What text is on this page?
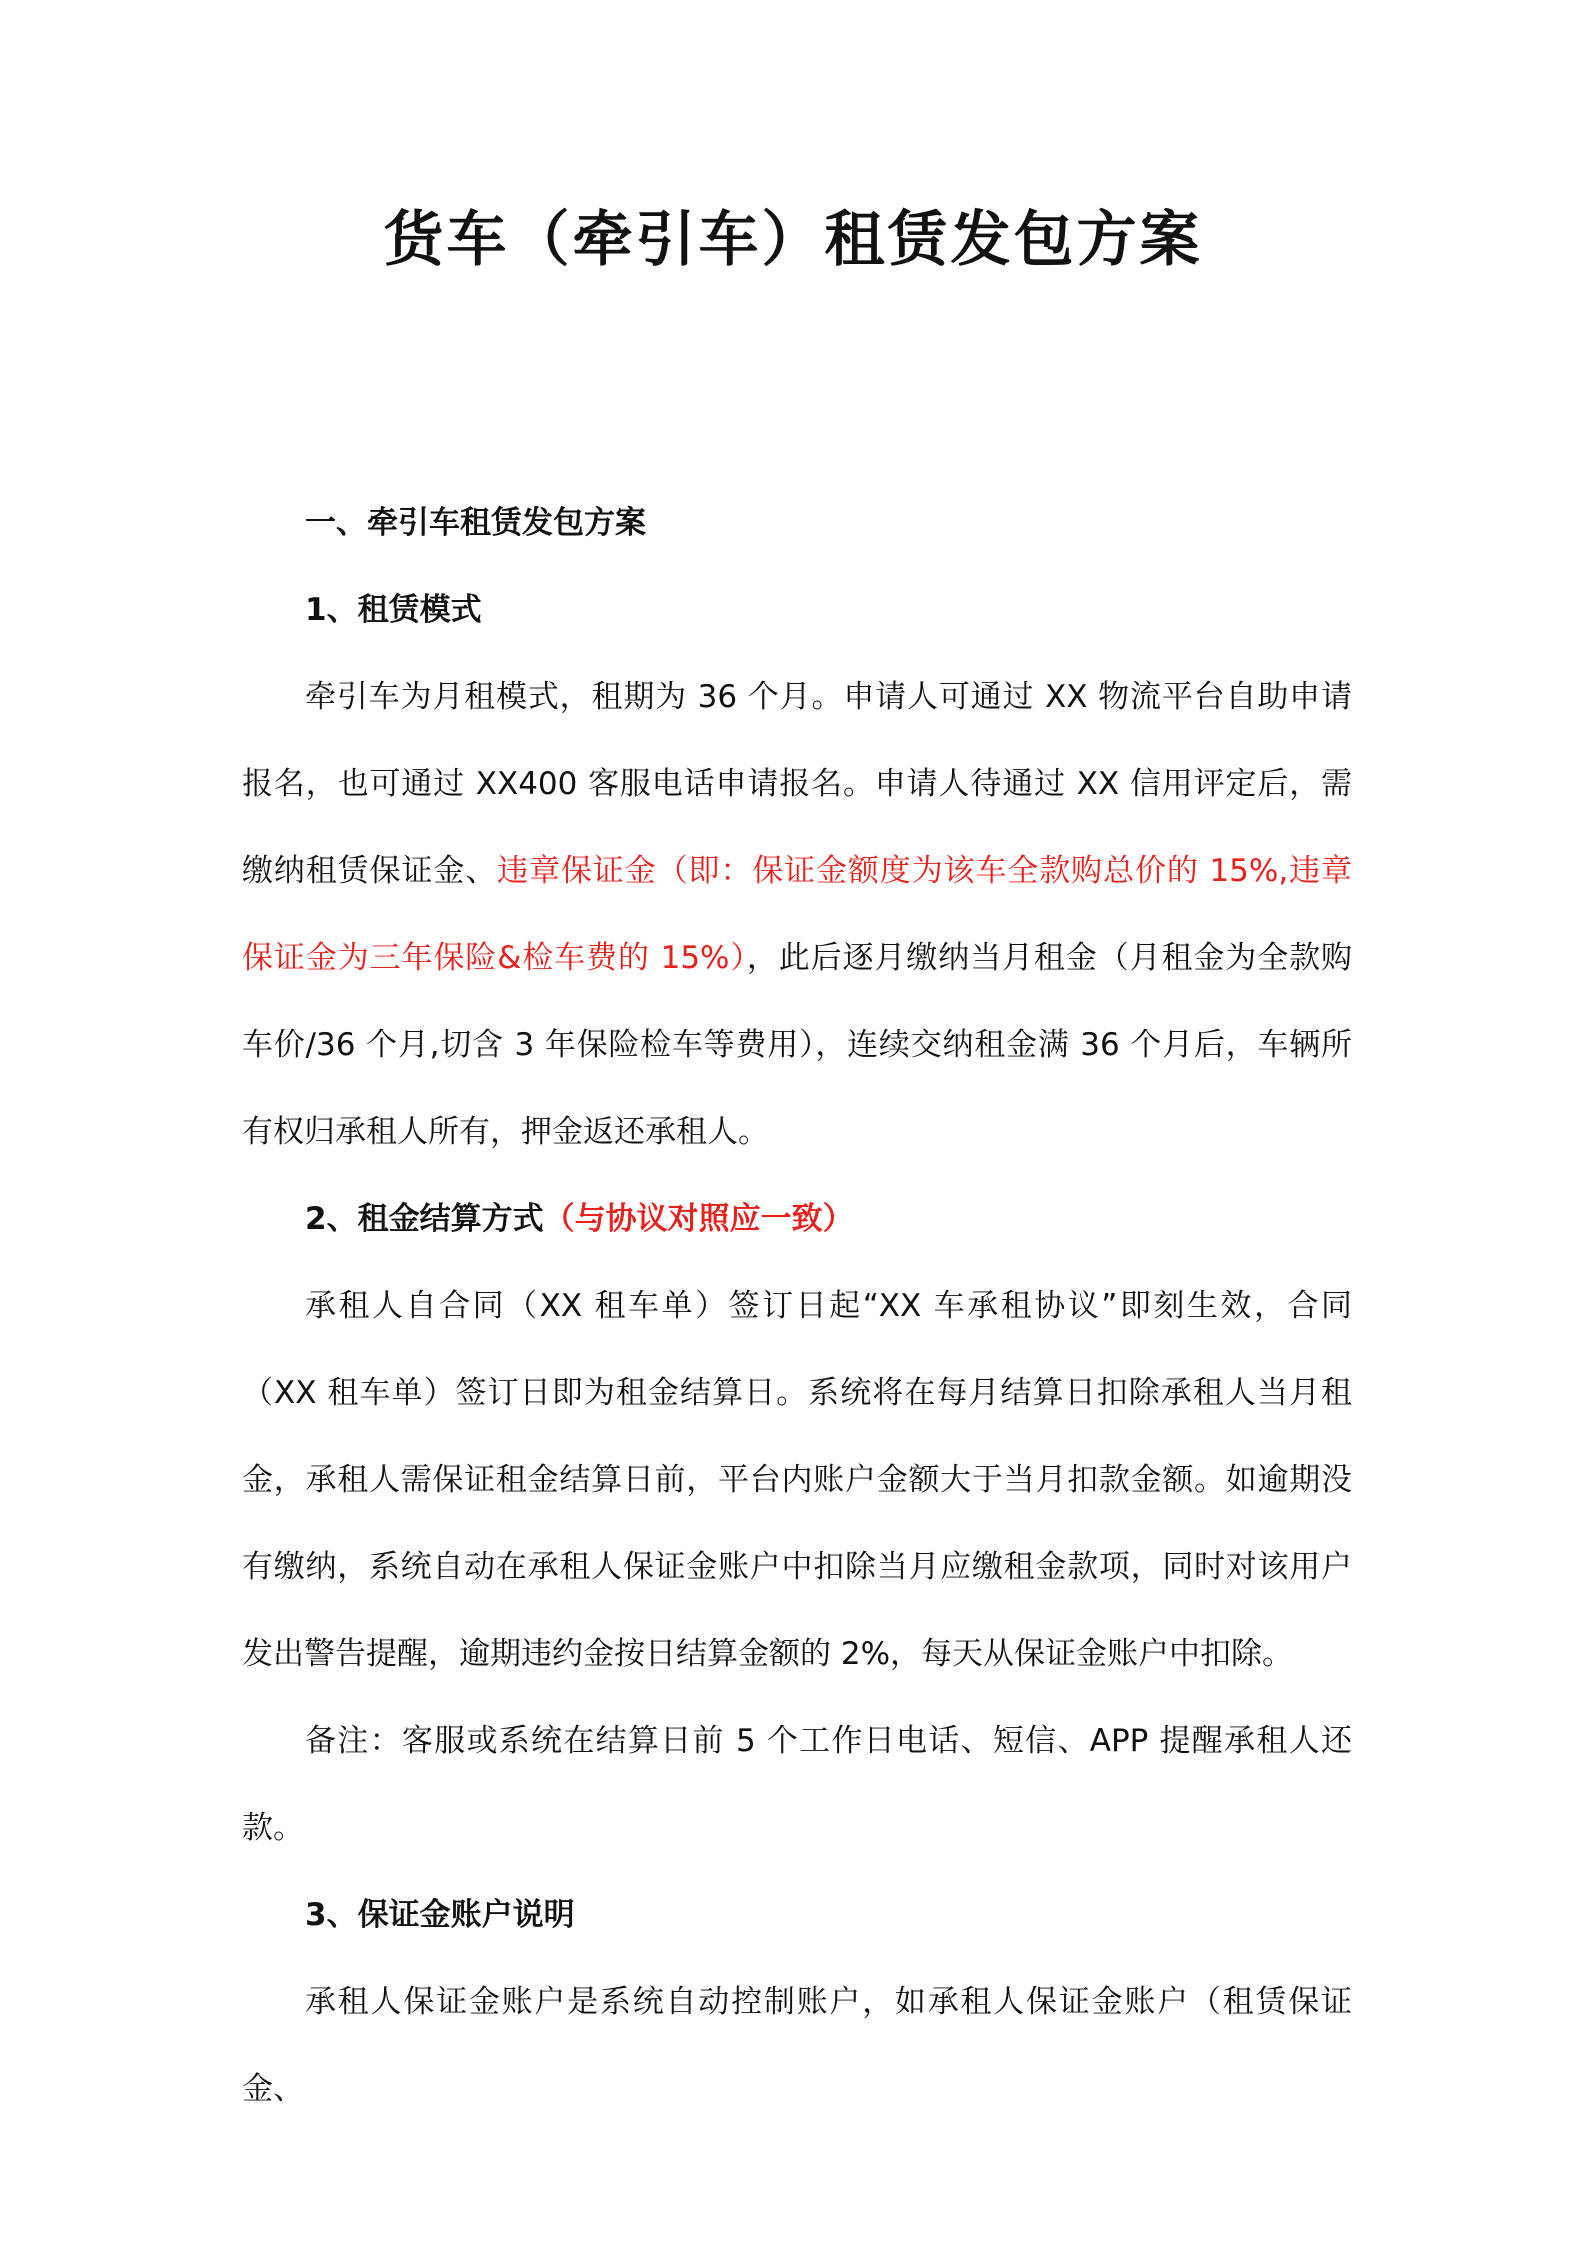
货车（牵引车）租赁发包方案

一、牵引车租赁发包方案

1、租赁模式

牵引车为月租模式，租期为 36 个月。申请人可通过 XX 物流平台自助申请报名，也可通过 XX400 客服电话申请报名。申请人待通过 XX 信用评定后，需缴纳租赁保证金、违章保证金（即：保证金额度为该车全款购总价的 15%,违章保证金为三年保险&检车费的 15%），此后逐月缴纳当月租金（月租金为全款购车价/36 个月,切含 3 年保险检车等费用），连续交纳租金满 36 个月后，车辆所有权归承租人所有，押金返还承租人。

2、租金结算方式（与协议对照应一致）

承租人自合同（XX 租车单）签订日起“XX 车承租协议”即刻生效，合同（XX 租车单）签订日即为租金结算日。系统将在每月结算日扣除承租人当月租金，承租人需保证租金结算日前，平台内账户金额大于当月扣款金额。如逾期没有缴纳，系统自动在承租人保证金账户中扣除当月应缴租金款项，同时对该用户发出警告提醒，逾期违约金按日结算金额的 2%，每天从保证金账户中扣除。

备注：客服或系统在结算日前 5 个工作日电话、短信、APP 提醒承租人还款。

3、保证金账户说明

承租人保证金账户是系统自动控制账户，如承租人保证金账户（租赁保证金、
